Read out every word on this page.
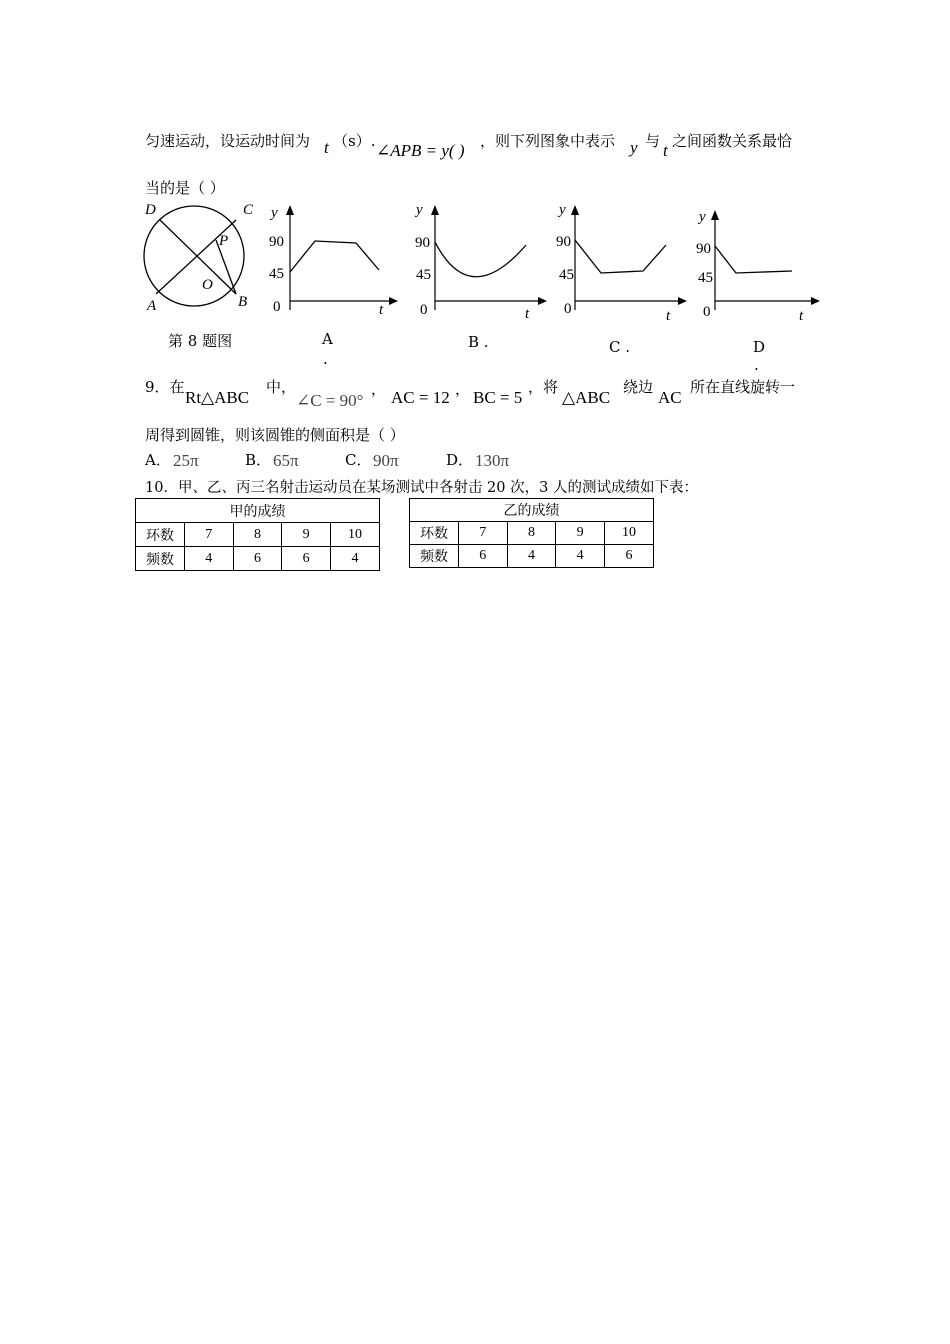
匀速运动，设运动时间为 t （s）. ∠APB = y( ) ，则下列图象中表示 y 与 t 之间函数关系最恰
当的是（ ）
D	C
P
O
A	B
第 8 题图
y
90
45
0	t
A
.
y
90
45
0	t
B .
y
90
45
0	t
C .
y
90
45
0	t
D
.
9．在
Rt△ABC
中，
∠C = 90°
， AC = 12 ， BC = 5
，将
△ABC
绕边
AC
所在直线旋转一
周得到圆锥，则该圆锥的侧面积是（ ）
A． 25π	B． 65π	C． 90π	D． 130π
10．甲、乙、丙三名射击运动员在某场测试中各射击 20 次，3 人的测试成绩如下表：
甲的成绩				
环数	7	8	9	10
频数	4	6	6	4
乙的成绩				
环数	7	8	9	10
频数	6	4	4	6
